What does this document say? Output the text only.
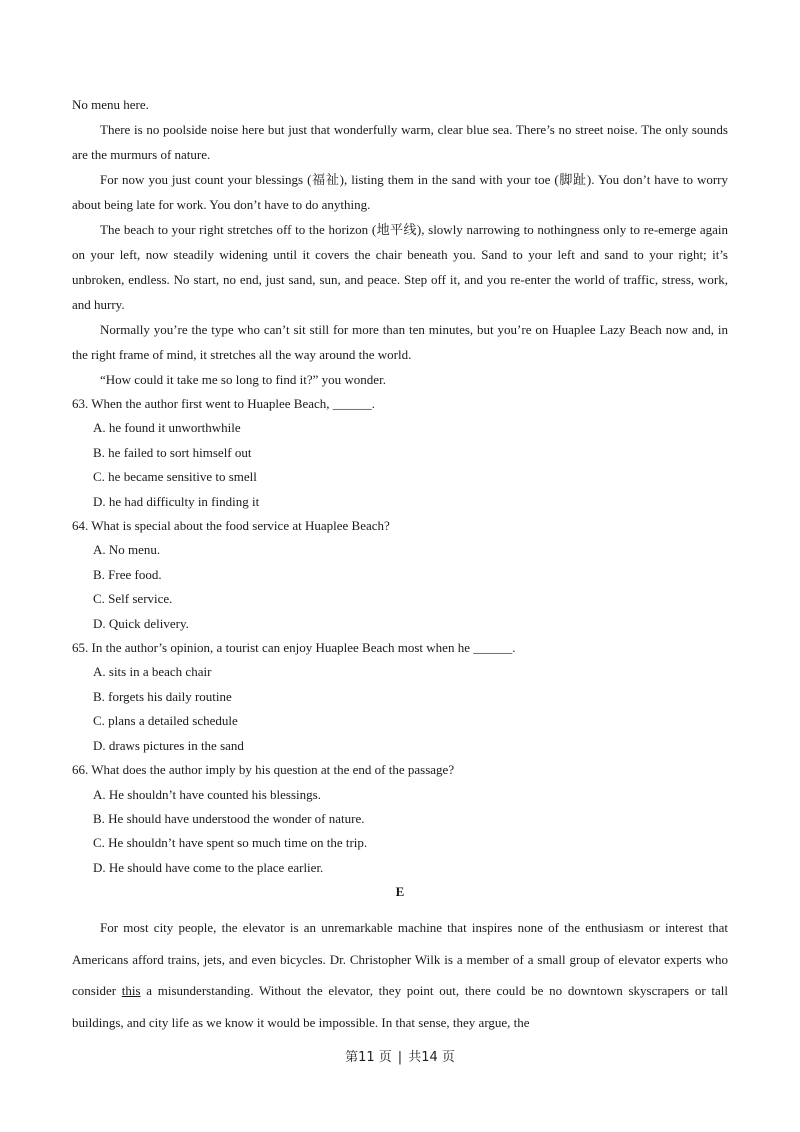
No menu here.

There is no poolside noise here but just that wonderfully warm, clear blue sea. There’s no street noise. The only sounds are the murmurs of nature.

For now you just count your blessings (福祉), listing them in the sand with your toe (脚趾). You don’t have to worry about being late for work. You don’t have to do anything.

The beach to your right stretches off to the horizon (地平线), slowly narrowing to nothingness only to re-emerge again on your left, now steadily widening until it covers the chair beneath you. Sand to your left and sand to your right; it’s unbroken, endless. No start, no end, just sand, sun, and peace. Step off it, and you re-enter the world of traffic, stress, work, and hurry.

Normally you’re the type who can’t sit still for more than ten minutes, but you’re on Huaplee Lazy Beach now and, in the right frame of mind, it stretches all the way around the world.

“How could it take me so long to find it?” you wonder.

63. When the author first went to Huaplee Beach, ______.

A. he found it unworthwhile

B. he failed to sort himself out

C. he became sensitive to smell

D. he had difficulty in finding it

64. What is special about the food service at Huaplee Beach?

A. No menu.

B. Free food.

C. Self service.

D. Quick delivery.

65. In the author’s opinion, a tourist can enjoy Huaplee Beach most when he ______.

A. sits in a beach chair

B. forgets his daily routine

C. plans a detailed schedule

D. draws pictures in the sand

66. What does the author imply by his question at the end of the passage?

A. He shouldn’t have counted his blessings.

B. He should have understood the wonder of nature.

C. He shouldn’t have spent so much time on the trip.

D. He should have come to the place earlier.

E

For most city people, the elevator is an unremarkable machine that inspires none of the enthusiasm or interest that Americans afford trains, jets, and even bicycles. Dr. Christopher Wilk is a member of a small group of elevator experts who consider this a misunderstanding. Without the elevator, they point out, there could be no downtown skyscrapers or tall buildings, and city life as we know it would be impossible. In that sense, they argue, the

第11 页 | 共14 页
